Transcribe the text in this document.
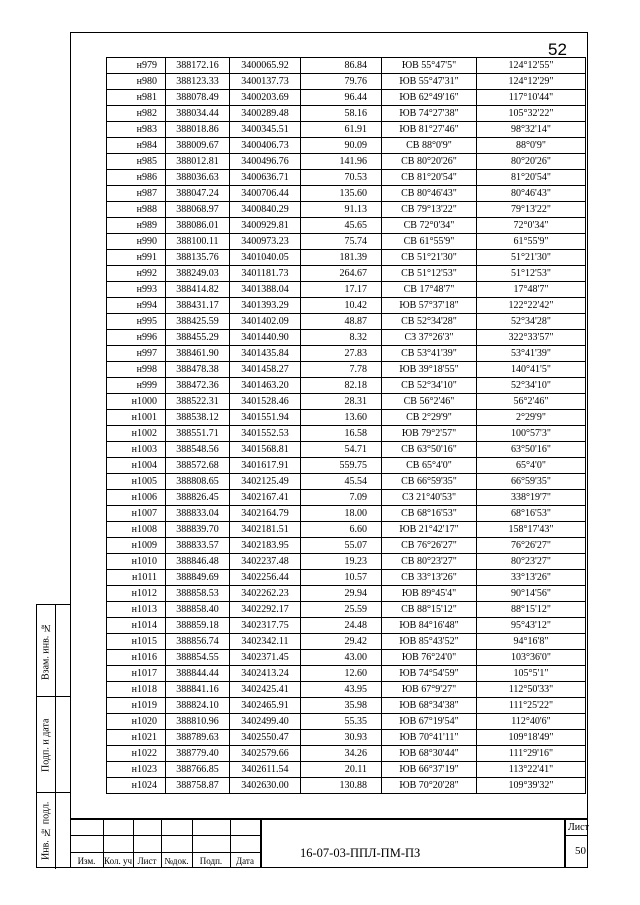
52
н979	388172.16	3400065.92	86.84	ЮВ 55°47'5"	124°12'55"
н980	388123.33	3400137.73	79.76	ЮВ 55°47'31"	124°12'29"
н981	388078.49	3400203.69	96.44	ЮВ 62°49'16"	117°10'44"
н982	388034.44	3400289.48	58.16	ЮВ 74°27'38"	105°32'22"
н983	388018.86	3400345.51	61.91	ЮВ 81°27'46"	98°32'14"
н984	388009.67	3400406.73	90.09	СВ 88°0'9"	88°0'9"
н985	388012.81	3400496.76	141.96	СВ 80°20'26"	80°20'26"
н986	388036.63	3400636.71	70.53	СВ 81°20'54"	81°20'54"
н987	388047.24	3400706.44	135.60	СВ 80°46'43"	80°46'43"
н988	388068.97	3400840.29	91.13	СВ 79°13'22"	79°13'22"
н989	388086.01	3400929.81	45.65	СВ 72°0'34"	72°0'34"
н990	388100.11	3400973.23	75.74	СВ 61°55'9"	61°55'9"
н991	388135.76	3401040.05	181.39	СВ 51°21'30"	51°21'30"
н992	388249.03	3401181.73	264.67	СВ 51°12'53"	51°12'53"
н993	388414.82	3401388.04	17.17	СВ 17°48'7"	17°48'7"
н994	388431.17	3401393.29	10.42	ЮВ 57°37'18"	122°22'42"
н995	388425.59	3401402.09	48.87	СВ 52°34'28"	52°34'28"
н996	388455.29	3401440.90	8.32	СЗ 37°26'3"	322°33'57"
н997	388461.90	3401435.84	27.83	СВ 53°41'39"	53°41'39"
н998	388478.38	3401458.27	7.78	ЮВ 39°18'55"	140°41'5"
н999	388472.36	3401463.20	82.18	СВ 52°34'10"	52°34'10"
н1000	388522.31	3401528.46	28.31	СВ 56°2'46"	56°2'46"
н1001	388538.12	3401551.94	13.60	СВ 2°29'9"	2°29'9"
н1002	388551.71	3401552.53	16.58	ЮВ 79°2'57"	100°57'3"
н1003	388548.56	3401568.81	54.71	СВ 63°50'16"	63°50'16"
н1004	388572.68	3401617.91	559.75	СВ 65°4'0"	65°4'0"
н1005	388808.65	3402125.49	45.54	СВ 66°59'35"	66°59'35"
н1006	388826.45	3402167.41	7.09	СЗ 21°40'53"	338°19'7"
н1007	388833.04	3402164.79	18.00	СВ 68°16'53"	68°16'53"
н1008	388839.70	3402181.51	6.60	ЮВ 21°42'17"	158°17'43"
н1009	388833.57	3402183.95	55.07	СВ 76°26'27"	76°26'27"
н1010	388846.48	3402237.48	19.23	СВ 80°23'27"	80°23'27"
н1011	388849.69	3402256.44	10.57	СВ 33°13'26"	33°13'26"
н1012	388858.53	3402262.23	29.94	ЮВ 89°45'4"	90°14'56"
н1013	388858.40	3402292.17	25.59	СВ 88°15'12"	88°15'12"
н1014	388859.18	3402317.75	24.48	ЮВ 84°16'48"	95°43'12"
н1015	388856.74	3402342.11	29.42	ЮВ 85°43'52"	94°16'8"
н1016	388854.55	3402371.45	43.00	ЮВ 76°24'0"	103°36'0"
н1017	388844.44	3402413.24	12.60	ЮВ 74°54'59"	105°5'1"
н1018	388841.16	3402425.41	43.95	ЮВ 67°9'27"	112°50'33"
н1019	388824.10	3402465.91	35.98	ЮВ 68°34'38"	111°25'22"
н1020	388810.96	3402499.40	55.35	ЮВ 67°19'54"	112°40'6"
н1021	388789.63	3402550.47	30.93	ЮВ 70°41'11"	109°18'49"
н1022	388779.40	3402579.66	34.26	ЮВ 68°30'44"	111°29'16"
н1023	388766.85	3402611.54	20.11	ЮВ 66°37'19"	113°22'41"
н1024	388758.87	3402630.00	130.88	ЮВ 70°20'28"	109°39'32"
Взам. инв. №
Подп. и дата
Инв. № подл.
Изм. Кол. уч Лист №док.	Подп.	Дата
16-07-03-ППЛ-ПМ-ПЗ
Лист
50
